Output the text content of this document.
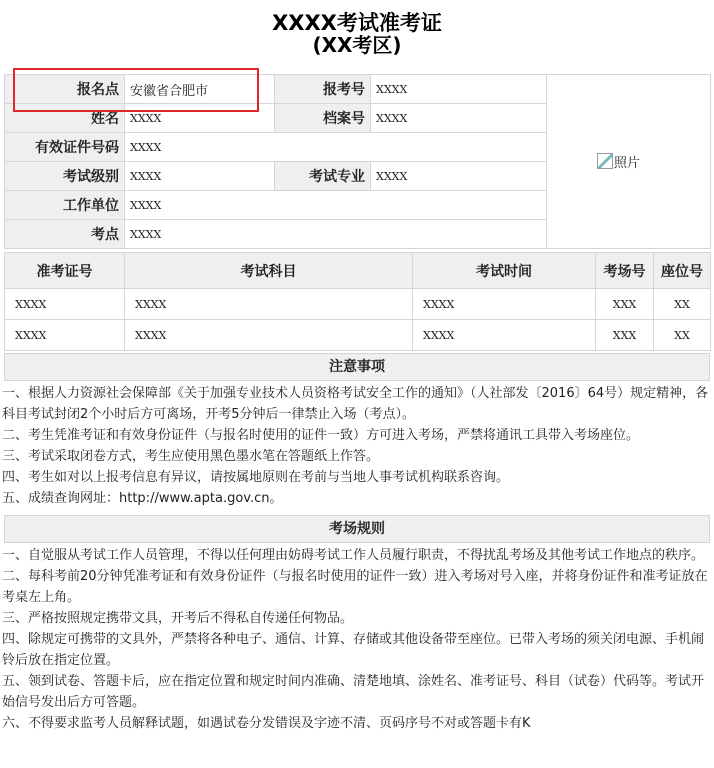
XXXX考试准考证
(XX考区)
报名点	安徽省合肥市	报考号	XXXX	照片
姓名	XXXX	档案号	XXXX	
有效证件号码	XXXX			
考试级别	XXXX	考试专业	XXXX	
工作单位	XXXX			
考点	XXXX			
准考证号	考试科目	考试时间	考场号	座位号
XXXX	XXXX	XXXX	XXX	XX
XXXX	XXXX	XXXX	XXX	XX
注意事项

一、根据人力资源社会保障部《关于加强专业技术人员资格考试安全工作的通知》（人社部发〔2016〕64号）规定精神，各科目考试封闭2个小时后方可离场，开考5分钟后一律禁止入场（考点）。

二、考生凭准考证和有效身份证件（与报名时使用的证件一致）方可进入考场，严禁将通讯工具带入考场座位。

三、考试采取闭卷方式，考生应使用黑色墨水笔在答题纸上作答。

四、考生如对以上报考信息有异议，请按属地原则在考前与当地人事考试机构联系咨询。

五、成绩查询网址：http://www.apta.gov.cn。

考场规则

一、自觉服从考试工作人员管理，不得以任何理由妨碍考试工作人员履行职责，不得扰乱考场及其他考试工作地点的秩序。

二、每科考前20分钟凭准考证和有效身份证件（与报名时使用的证件一致）进入考场对号入座，并将身份证件和准考证放在考桌左上角。

三、严格按照规定携带文具，开考后不得私自传递任何物品。

四、除规定可携带的文具外，严禁将各种电子、通信、计算、存储或其他设备带至座位。已带入考场的须关闭电源、手机闹铃后放在指定位置。

五、领到试卷、答题卡后，应在指定位置和规定时间内准确、清楚地填、涂姓名、准考证号、科目（试卷）代码等。考试开始信号发出后方可答题。

六、不得要求监考人员解释试题，如遇试卷分发错误及字迹不清、页码序号不对或答题卡有K
